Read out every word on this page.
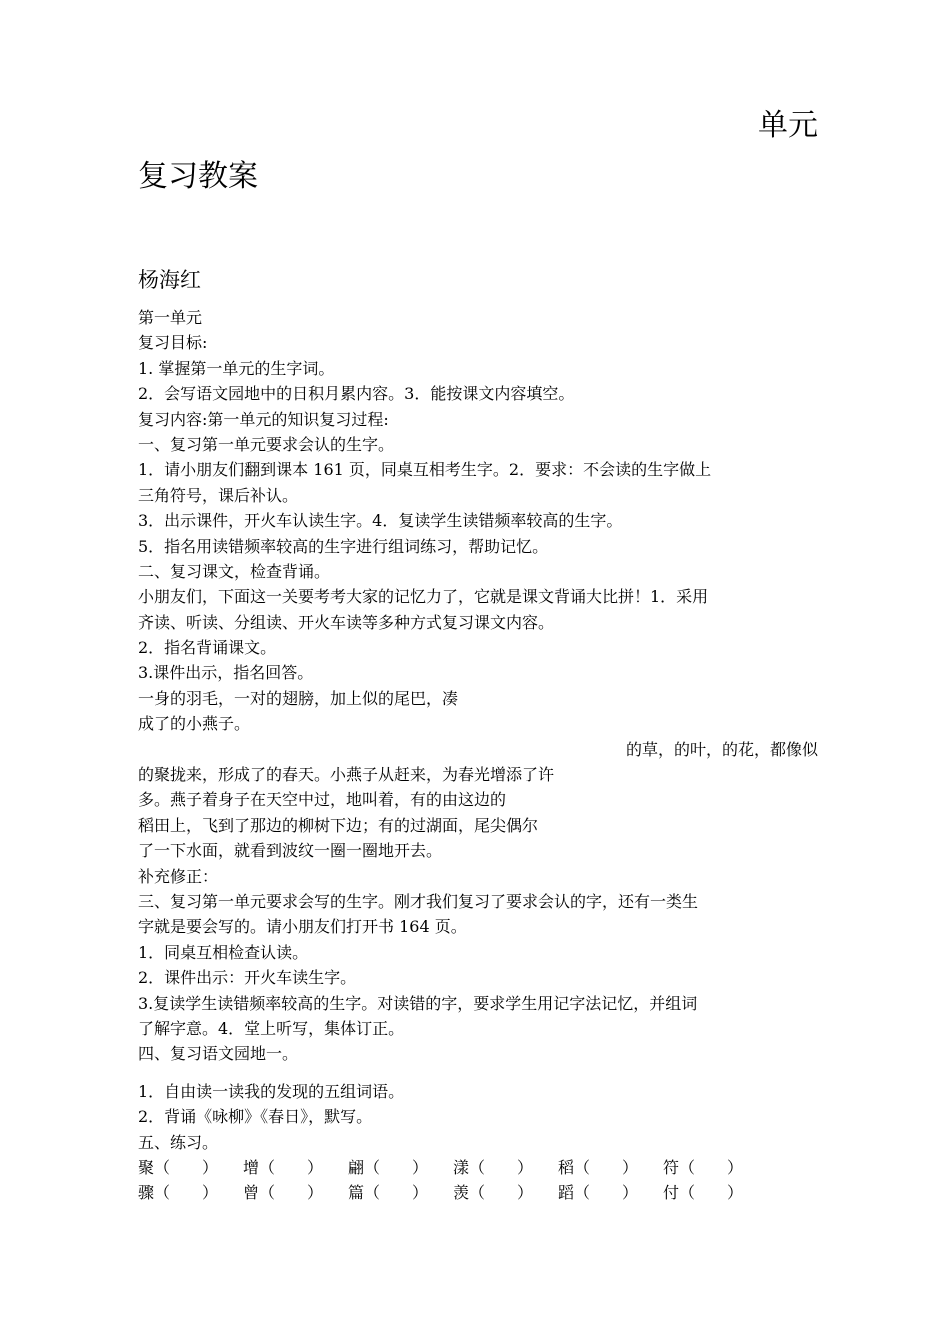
单元
复习教案
杨海红
第一单元
复习目标:
1. 掌握第一单元的生字词。
2．会写语文园地中的日积月累内容。3．能按课文内容填空。
复习内容:第一单元的知识复习过程:
一、复习第一单元要求会认的生字。
1．请小朋友们翻到课本 161 页，同桌互相考生字。2．要求：不会读的生字做上
三角符号，课后补认。
3．出示课件，开火车认读生字。4．复读学生读错频率较高的生字。
5．指名用读错频率较高的生字进行组词练习，帮助记忆。
二、复习课文，检查背诵。
小朋友们，下面这一关要考考大家的记忆力了，它就是课文背诵大比拼！1．采用
齐读、听读、分组读、开火车读等多种方式复习课文内容。
2．指名背诵课文。
3.课件出示，指名回答。
一身的羽毛，一对的翅膀，加上似的尾巴，凑
成了的小燕子。
的草，的叶，的花，都像似
的聚拢来，形成了的春天。小燕子从赶来，为春光增添了许
多。燕子着身子在天空中过，地叫着，有的由这边的
稻田上，飞到了那边的柳树下边；有的过湖面，尾尖偶尔
了一下水面，就看到波纹一圈一圈地开去。
补充修正：
三、复习第一单元要求会写的生字。刚才我们复习了要求会认的字，还有一类生
字就是要会写的。请小朋友们打开书 164 页。
1．同桌互相检查认读。
2．课件出示：开火车读生字。
3.复读学生读错频率较高的生字。对读错的字，要求学生用记字法记忆，并组词
了解字意。4．堂上听写，集体订正。
四、复习语文园地一。
1．自由读一读我的发现的五组词语。
2．背诵《咏柳》《春日》，默写。
五、练习。
聚（　　）	增（　　）	翩（　　）	漾（　　）	稻（　　）	符（　　）
骤（　　）	曾（　　）	篇（　　）	羡（　　）	蹈（　　）	付（　　）
